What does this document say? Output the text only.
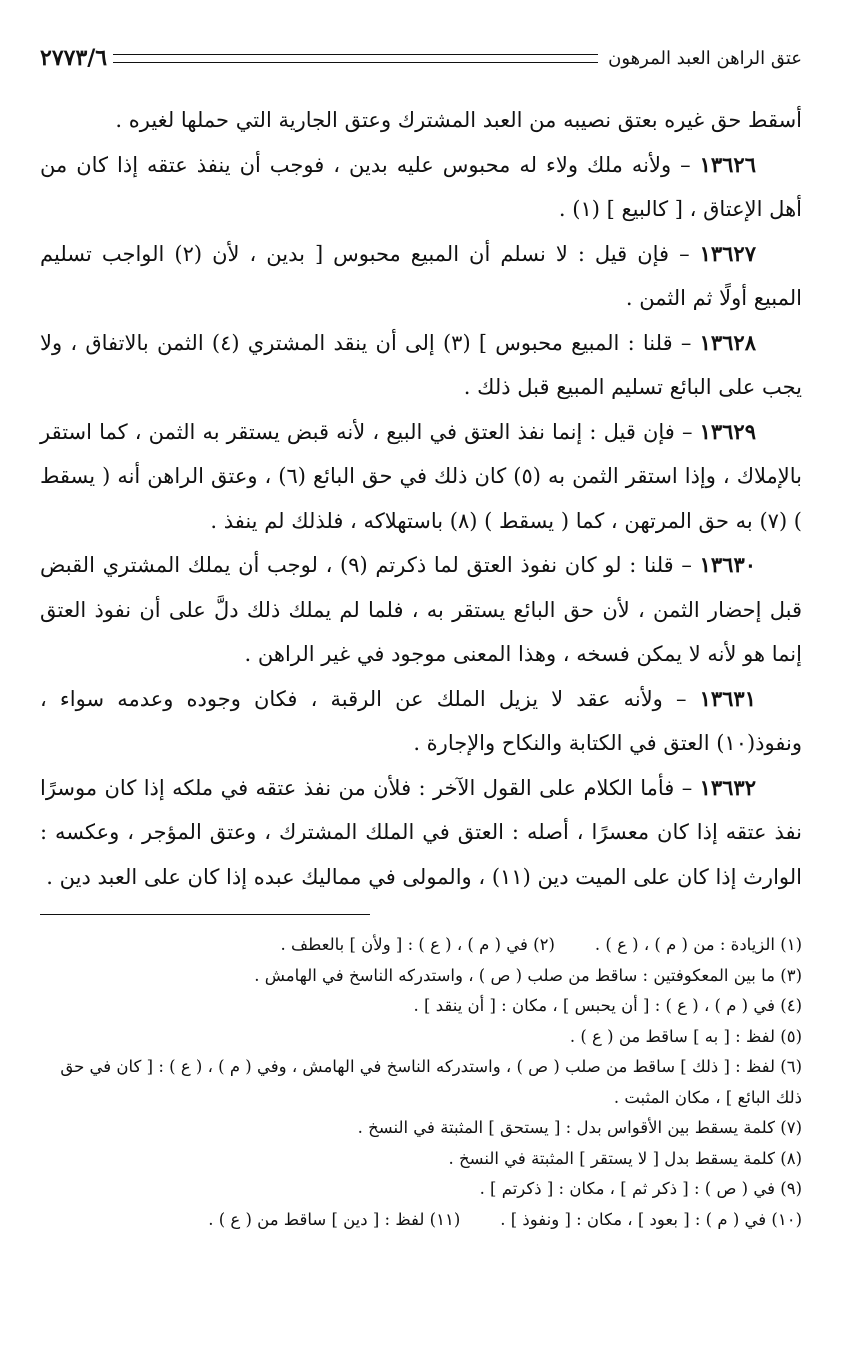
عتق الراهن العبد المرهون
٢٧٧٣/٦

أسقط حق غيره بعتق نصيبه من العبد المشترك وعتق الجارية التي حملها لغيره .

١٣٦٢٦ – ولأنه ملك ولاء له محبوس عليه بدين ، فوجب أن ينفذ عتقه إذا كان من أهل الإعتاق ، [ كالبيع ] (١) .

١٣٦٢٧ – فإن قيل : لا نسلم أن المبيع محبوس [ بدين ، لأن (٢) الواجب تسليم المبيع أولًا ثم الثمن .

١٣٦٢٨ – قلنا : المبيع محبوس ] (٣) إلى أن ينقد المشتري (٤) الثمن بالاتفاق ، ولا يجب على البائع تسليم المبيع قبل ذلك .

١٣٦٢٩ – فإن قيل : إنما نفذ العتق في البيع ، لأنه قبض يستقر به الثمن ، كما استقر بالإملاك ، وإذا استقر الثمن به (٥) كان ذلك في حق البائع (٦) ، وعتق الراهن أنه ( يسقط ) (٧) به حق المرتهن ، كما ( يسقط ) (٨) باستهلاكه ، فلذلك لم ينفذ .

١٣٦٣٠ – قلنا : لو كان نفوذ العتق لما ذكرتم (٩) ، لوجب أن يملك المشتري القبض قبل إحضار الثمن ، لأن حق البائع يستقر به ، فلما لم يملك ذلك دلَّ على أن نفوذ العتق إنما هو لأنه لا يمكن فسخه ، وهذا المعنى موجود في غير الراهن .

١٣٦٣١ – ولأنه عقد لا يزيل الملك عن الرقبة ، فكان وجوده وعدمه سواء ، ونفوذ(١٠) العتق في الكتابة والنكاح والإجارة .

١٣٦٣٢ – فأما الكلام على القول الآخر : فلأن من نفذ عتقه في ملكه إذا كان موسرًا نفذ عتقه إذا كان معسرًا ، أصله : العتق في الملك المشترك ، وعتق المؤجر ، وعكسه : الوارث إذا كان على الميت دين (١١) ، والمولى في مماليك عبده إذا كان على العبد دين .

(١) الزيادة : من ( م ) ، ( ع ) .

(٢) في ( م ) ، ( ع ) : [ ولأن ] بالعطف .

(٣) ما بين المعكوفتين : ساقط من صلب ( ص ) ، واستدركه الناسخ في الهامش .

(٤) في ( م ) ، ( ع ) : [ أن يحبس ] ، مكان : [ أن ينقد ] .

(٥) لفظ : [ به ] ساقط من ( ع ) .

(٦) لفظ : [ ذلك ] ساقط من صلب ( ص ) ، واستدركه الناسخ في الهامش ، وفي ( م ) ، ( ع ) : [ كان في حق ذلك البائع ] ، مكان المثبت .

(٧) كلمة يسقط بين الأقواس بدل : [ يستحق ] المثبتة في النسخ .

(٨) كلمة يسقط بدل [ لا يستقر ] المثبتة في النسخ .

(٩) في ( ص ) : [ ذكر ثم ] ، مكان : [ ذكرتم ] .

(١٠) في ( م ) : [ بعود ] ، مكان : [ ونفوذ ] .

(١١) لفظ : [ دين ] ساقط من ( ع ) .
